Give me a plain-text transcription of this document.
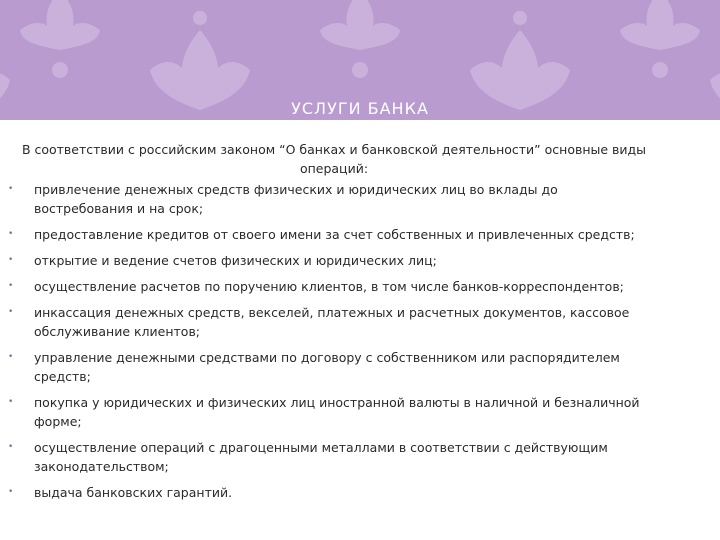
УСЛУГИ БАНКА
В соответствии с российским законом “О банках и банковской деятельности” основные виды операций:
• привлечение денежных средств физических и юридических лиц во вклады до востребования и на срок;
• предоставление кредитов от своего имени за счет собственных и привлеченных средств;
• открытие и ведение счетов физических и юридических лиц;
• осуществление расчетов по поручению клиентов, в том числе банков-корреспондентов;
• инкассация денежных средств, векселей, платежных и расчетных документов, кассовое обслуживание клиентов;
• управление денежными средствами по договору с собственником или распорядителем средств;
• покупка у юридических и физических лиц иностранной валюты в наличной и безналичной форме;
• осуществление операций с драгоценными металлами в соответствии с действующим законодательством;
• выдача банковских гарантий.
